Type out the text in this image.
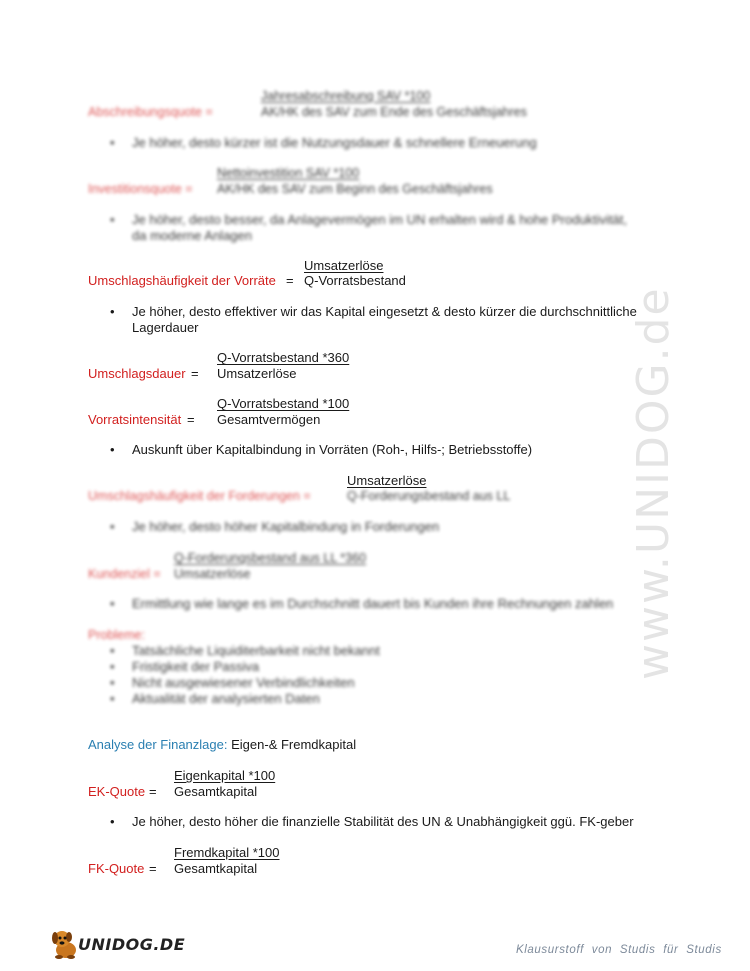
www.UNIDOG.de
Jahresabschreibung SAV *100
Abschreibungsquote =	AK/HK des SAV zum Ende des Geschäftsjahres
• Je höher, desto kürzer ist die Nutzungsdauer & schnellere Erneuerung
Nettoinvestition SAV *100
Investitionsquote = AK/HK des SAV zum Beginn des Geschäftsjahres
• Je höher, desto besser, da Anlagevermögen im UN erhalten wird & hohe Produktivität,
da moderne Anlagen
Umsatzerlöse
Umschlagshäufigkeit der Vorräte = Q-Vorratsbestand
• Je höher, desto effektiver wir das Kapital eingesetzt & desto kürzer die durchschnittliche
Lagerdauer
Q-Vorratsbestand *360
Umschlagsdauer = Umsatzerlöse
Q-Vorratsbestand *100
Vorratsintensität = Gesamtvermögen
• Auskunft über Kapitalbindung in Vorräten (Roh-, Hilfs-; Betriebsstoffe)
Umsatzerlöse
Umschlagshäufigkeit der Forderungen =	Q-Forderungsbestand aus LL
• Je höher, desto höher Kapitalbindung in Forderungen
Q-Forderungsbestand aus LL *360
Kundenziel = Umsatzerlöse
• Ermittlung wie lange es im Durchschnitt dauert bis Kunden ihre Rechnungen zahlen
Probleme:
• Tatsächliche Liquiditerbarkeit nicht bekannt
• Fristigkeit der Passiva
• Nicht ausgewiesener Verbindlichkeiten
• Aktualität der analysierten Daten
Analyse der Finanzlage: Eigen-& Fremdkapital
Eigenkapital *100
EK-Quote = Gesamtkapital
• Je höher, desto höher die finanzielle Stabilität des UN & Unabhängigkeit ggü. FK-geber
Fremdkapital *100
FK-Quote = Gesamtkapital
UNIDOG.DE	Klausurstoff von Studis für Studis
